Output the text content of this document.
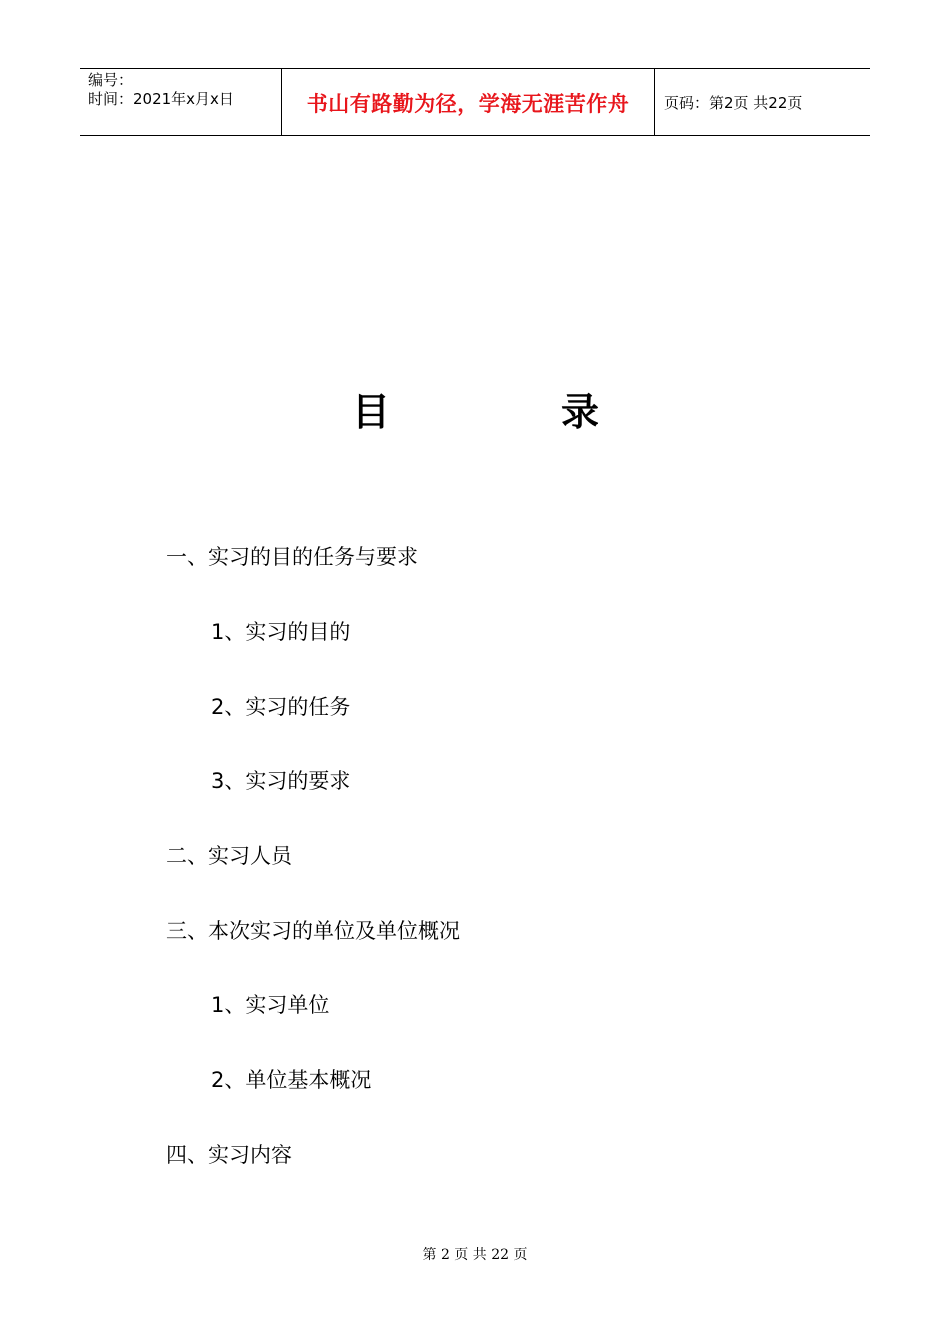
编号：
时间：2021年x月x日	书山有路勤为径，学海无涯苦作舟 页码：第2页 共22页
目	录
一、实习的目的任务与要求
1、实习的目的
2、实习的任务
3、实习的要求
二、实习人员
三、本次实习的单位及单位概况
1、实习单位
2、单位基本概况
四、实习内容
第 2 页 共 22 页
